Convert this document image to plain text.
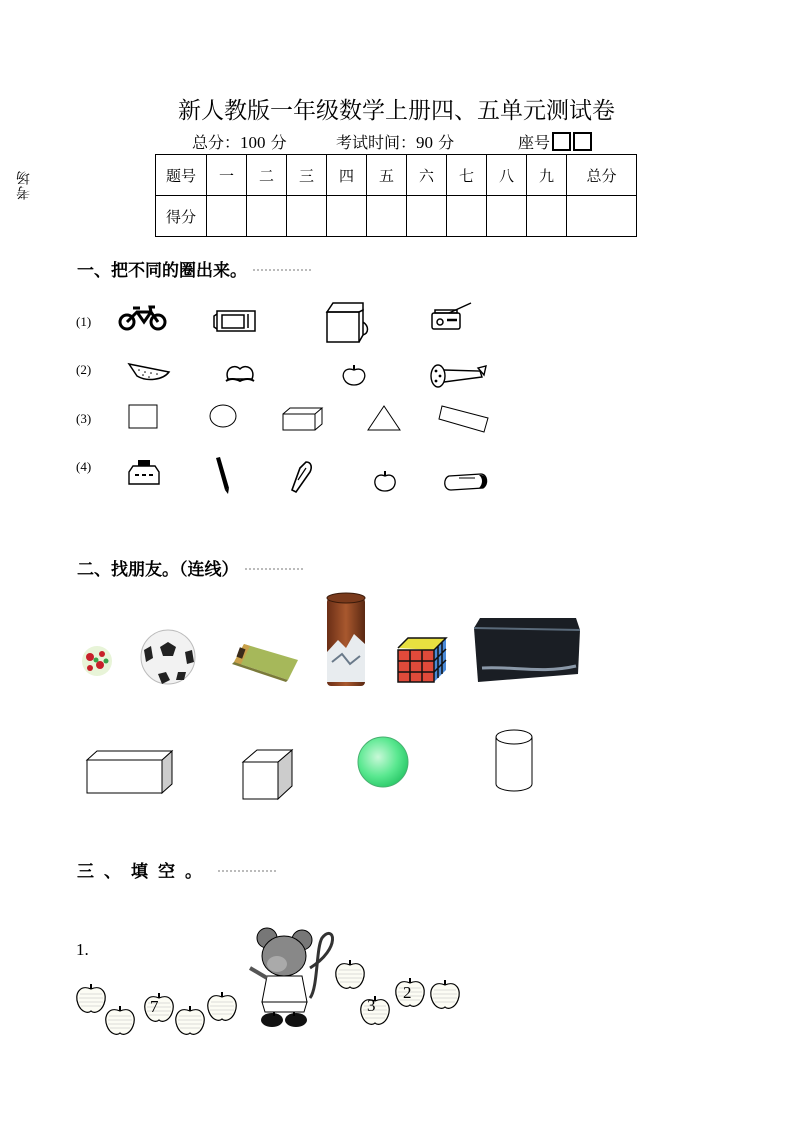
考场
新人教版一年级数学上册四、五单元测试卷
总分：100 分	考试时间：90 分	座号
题号	一	二	三	四	五	六	七	八	九	总分
得分										
一、把不同的圈出来。
(1)
(2)
(3)
(4)
二、找朋友。（连线）
三、填空。
1.
7	3
2
